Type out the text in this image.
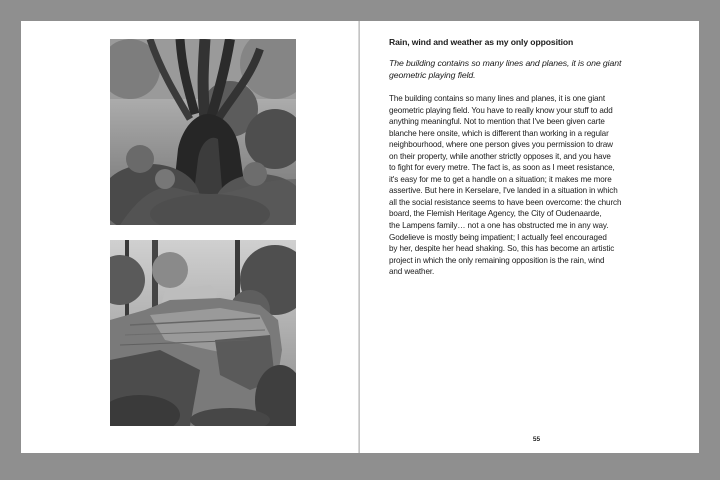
Rain, wind and weather as my only opposition

The building contains so many lines and planes, it is one giant
geometric playing field.

The building contains so many lines and planes, it is one giant
geometric playing field. You have to really know your stuff to add
anything meaningful. Not to mention that I've been given carte
blanche here onsite, which is different than working in a regular
neighbourhood, where one person gives you permission to draw
on their property, while another strictly opposes it, and you have
to fight for every metre. The fact is, as soon as I meet resistance,
it's easy for me to get a handle on a situation; it makes me more
assertive. But here in Kerselare, I've landed in a situation in which
all the social resistance seems to have been overcome: the church
board, the Flemish Heritage Agency, the City of Oudenaarde,
the Lampens family… not a one has obstructed me in any way.
Godelieve is mostly being impatient; I actually feel encouraged
by her, despite her head shaking. So, this has become an artistic
project in which the only remaining opposition is the rain, wind
and weather.

55
